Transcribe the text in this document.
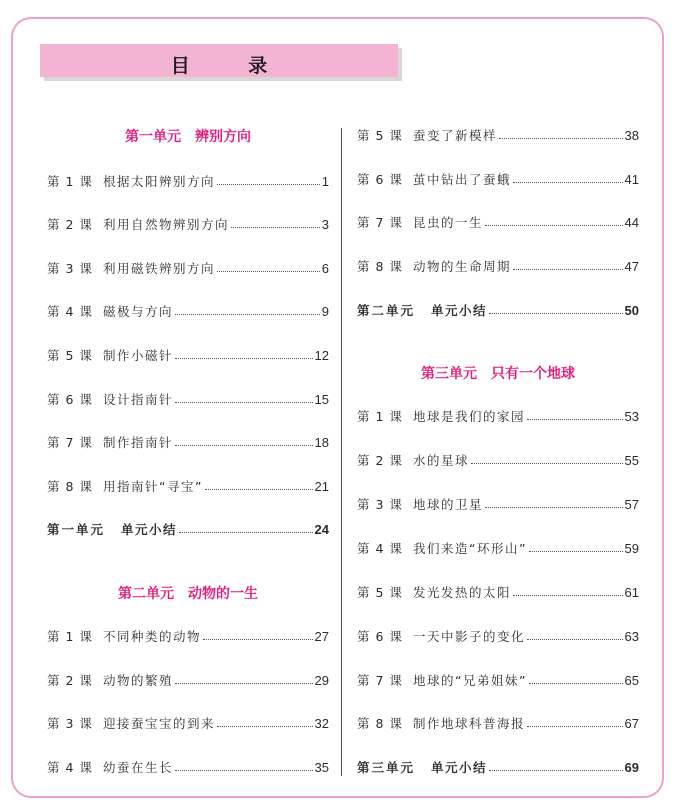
目 录
第一单元　辨别方向
第 1 课 根据太阳辨别方向	1
第 2 课 利用自然物辨别方向	3
第 3 课 利用磁铁辨别方向	6
第 4 课 磁极与方向	9
第 5 课 制作小磁针	12
第 6 课 设计指南针	15
第 7 课 制作指南针	18
第 8 课 用指南针“寻宝”	21
第一单元	单元小结	24
第二单元　动物的一生
第 1 课 不同种类的动物	27
第 2 课 动物的繁殖	29
第 3 课 迎接蚕宝宝的到来	32
第 4 课 幼蚕在生长	35
第 5 课 蚕变了新模样	38
第 6 课 茧中钻出了蚕蛾	41
第 7 课 昆虫的一生	44
第 8 课 动物的生命周期	47
第二单元	单元小结	50
第三单元　只有一个地球
第 1 课 地球是我们的家园	53
第 2 课 水的星球	55
第 3 课 地球的卫星	57
第 4 课 我们来造“环形山”	59
第 5 课 发光发热的太阳	61
第 6 课 一天中影子的变化	63
第 7 课 地球的“兄弟姐妹”	65
第 8 课 制作地球科普海报	67
第三单元	单元小结	69
